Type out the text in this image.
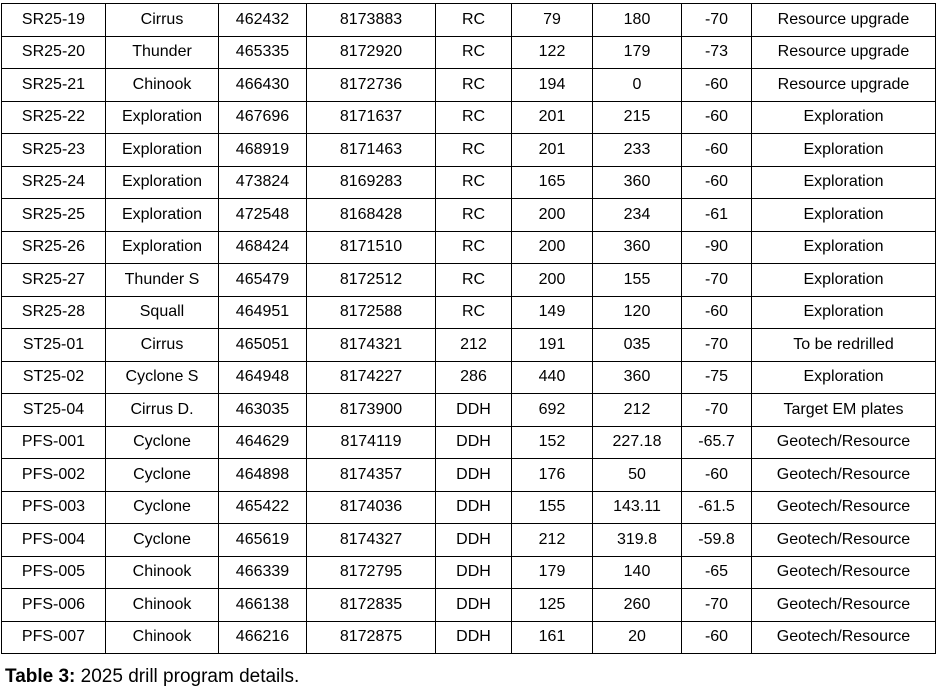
SR25-19	Cirrus	462432	8173883	RC	79	180	-70	Resource upgrade
SR25-20	Thunder	465335	8172920	RC	122	179	-73	Resource upgrade
SR25-21	Chinook	466430	8172736	RC	194	0	-60	Resource upgrade
SR25-22	Exploration	467696	8171637	RC	201	215	-60	Exploration
SR25-23	Exploration	468919	8171463	RC	201	233	-60	Exploration
SR25-24	Exploration	473824	8169283	RC	165	360	-60	Exploration
SR25-25	Exploration	472548	8168428	RC	200	234	-61	Exploration
SR25-26	Exploration	468424	8171510	RC	200	360	-90	Exploration
SR25-27	Thunder S	465479	8172512	RC	200	155	-70	Exploration
SR25-28	Squall	464951	8172588	RC	149	120	-60	Exploration
ST25-01	Cirrus	465051	8174321	212	191	035	-70	To be redrilled
ST25-02	Cyclone S	464948	8174227	286	440	360	-75	Exploration
ST25-04	Cirrus D.	463035	8173900	DDH	692	212	-70	Target EM plates
PFS-001	Cyclone	464629	8174119	DDH	152	227.18	-65.7	Geotech/Resource
PFS-002	Cyclone	464898	8174357	DDH	176	50	-60	Geotech/Resource
PFS-003	Cyclone	465422	8174036	DDH	155	143.11	-61.5	Geotech/Resource
PFS-004	Cyclone	465619	8174327	DDH	212	319.8	-59.8	Geotech/Resource
PFS-005	Chinook	466339	8172795	DDH	179	140	-65	Geotech/Resource
PFS-006	Chinook	466138	8172835	DDH	125	260	-70	Geotech/Resource
PFS-007	Chinook	466216	8172875	DDH	161	20	-60	Geotech/Resource
Table 3: 2025 drill program details.
